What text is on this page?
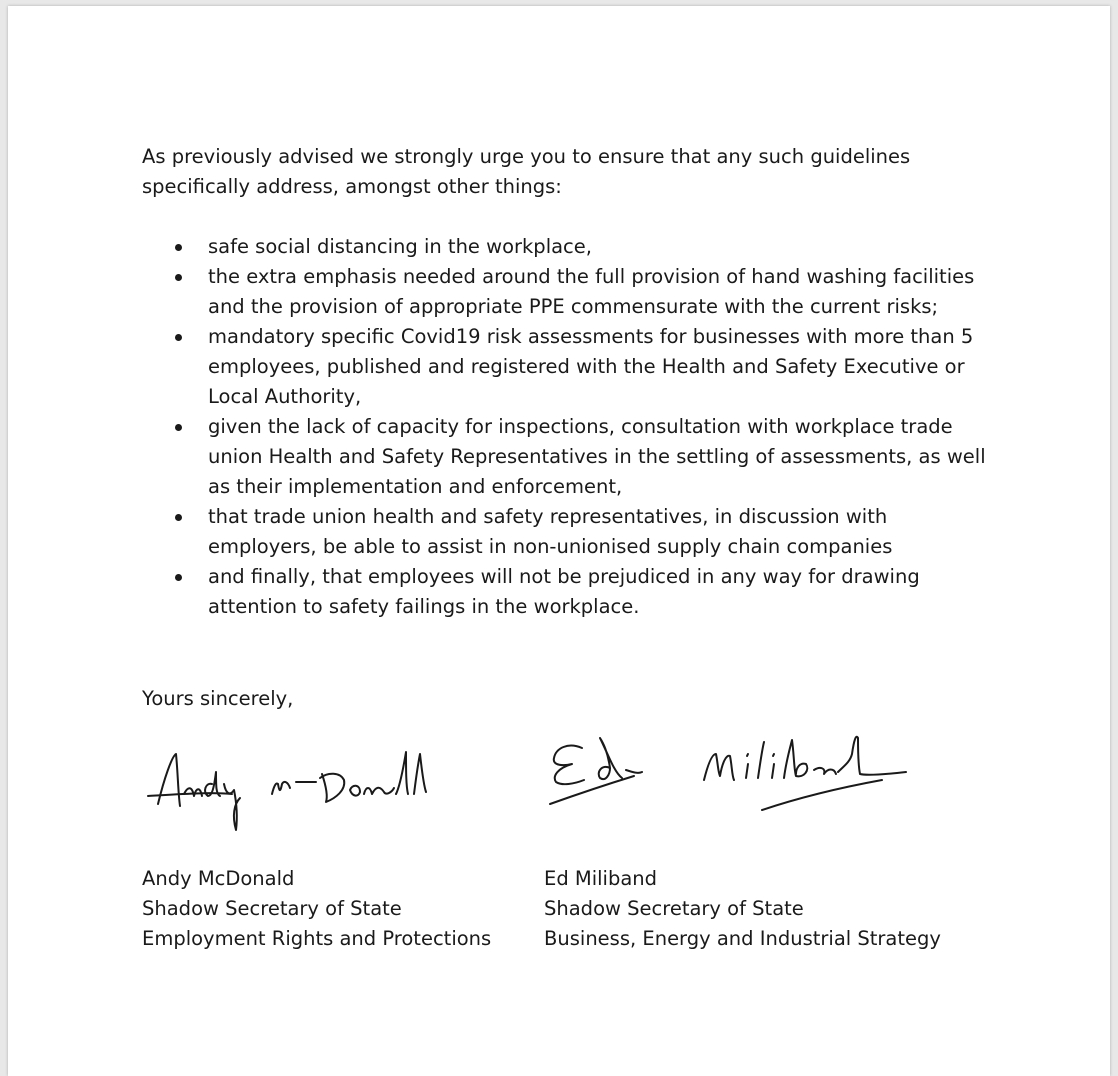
As previously advised we strongly urge you to ensure that any such guidelines specifically address, amongst other things:

safe social distancing in the workplace,
the extra emphasis needed around the full provision of hand washing facilities and the provision of appropriate PPE commensurate with the current risks;
mandatory specific Covid19 risk assessments for businesses with more than 5 employees, published and registered with the Health and Safety Executive or Local Authority,
given the lack of capacity for inspections, consultation with workplace trade union Health and Safety Representatives in the settling of assessments, as well as their implementation and enforcement,
that trade union health and safety representatives, in discussion with employers, be able to assist in non-unionised supply chain companies
and finally, that employees will not be prejudiced in any way for drawing attention to safety failings in the workplace.

Yours sincerely,

Andy McDonald
Shadow Secretary of State
Employment Rights and Protections
Ed Miliband
Shadow Secretary of State
Business, Energy and Industrial Strategy
